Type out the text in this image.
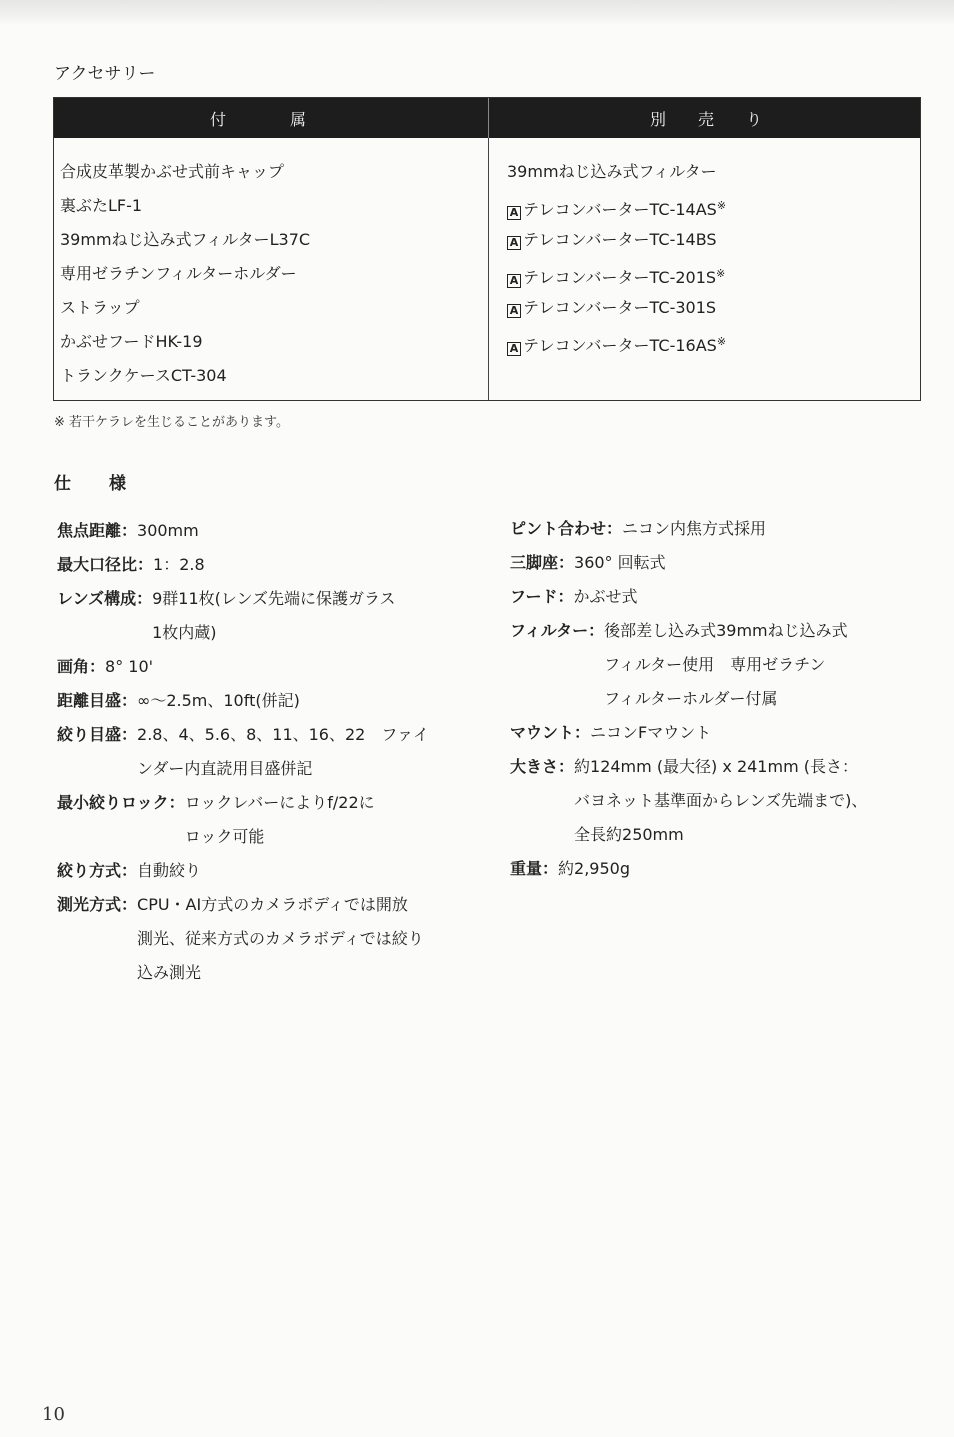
アクセサリー
付　　　　属	別　　売　　り
合成皮革製かぶせ式前キャップ
裏ぶたLF-1
39mmねじ込み式フィルターL37C
専用ゼラチンフィルターホルダー
ストラップ
かぶせフードHK-19
トランクケースCT-304
39mmねじ込み式フィルター
A テレコンバーターTC-14AS※
A テレコンバーターTC-14BS
A テレコンバーターTC-201S※
A テレコンバーターTC-301S
A テレコンバーターTC-16AS※
※ 若干ケラレを生じることがあります。
仕 様
焦点距離：300mm
最大口径比：1：2.8
レンズ構成：9群11枚(レンズ先端に保護ガラス
1枚内蔵)
画角：8° 10'
距離目盛：∞～2.5m、10ft(併記)
絞り目盛：2.8、4、5.6、8、11、16、22　ファイ
ンダー内直読用目盛併記
最小絞りロック：ロックレバーによりf/22に
ロック可能
絞り方式：自動絞り
測光方式：CPU・AI方式のカメラボディでは開放
測光、従来方式のカメラボディでは絞り
込み測光
ピント合わせ：ニコン内焦方式採用
三脚座：360° 回転式
フード：かぶせ式
フィルター：後部差し込み式39mmねじ込み式
フィルター使用　専用ゼラチン
フィルターホルダー付属
マウント：ニコンFマウント
大きさ：約124mm (最大径) x 241mm (長さ：
バヨネット基準面からレンズ先端まで)、
全長約250mm
重量：約2,950g
10
